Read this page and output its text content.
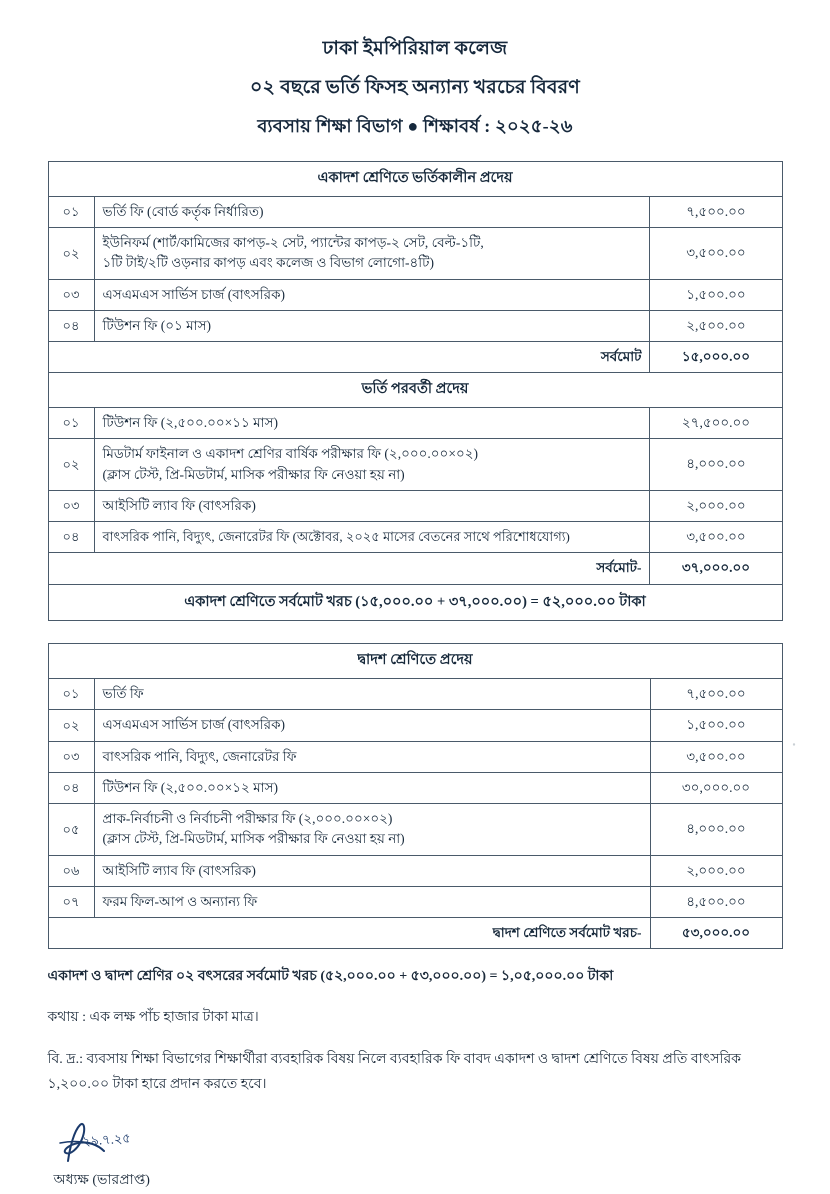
ঢাকা ইমপিরিয়াল কলেজ
০২ বছরে ভর্তি ফিসহ অন্যান্য খরচের বিবরণ
ব্যবসায় শিক্ষা বিভাগ ● শিক্ষাবর্ষ : ২০২৫-২৬
একাদশ শ্রেণিতে ভর্তিকালীন প্রদেয়		
০১	ভর্তি ফি (বোর্ড কর্তৃক নির্ধারিত)	৭,৫০০.০০
০২	ইউনিফর্ম (শার্ট/কামিজের কাপড়-২ সেট, প্যান্টের কাপড়-২ সেট, বেল্ট-১টি,
১টি টাই/২টি ওড়নার কাপড় এবং কলেজ ও বিভাগ লোগো-৪টি)	৩,৫০০.০০
০৩	এসএমএস সার্ভিস চার্জ (বাৎসরিক)	১,৫০০.০০
০৪	টিউশন ফি (০১ মাস)	২,৫০০.০০
সর্বমোট		১৫,০০০.০০
ভর্তি পরবর্তী প্রদেয়		
০১	টিউশন ফি (২,৫০০.০০×১১ মাস)	২৭,৫০০.০০
০২	মিডটার্ম ফাইনাল ও একাদশ শ্রেণির বার্ষিক পরীক্ষার ফি (২,০০০.০০×০২)
(ক্লাস টেস্ট, প্রি-মিডটার্ম, মাসিক পরীক্ষার ফি নেওয়া হয় না)	৪,০০০.০০
০৩	আইসিটি ল্যাব ফি (বাৎসরিক)	২,০০০.০০
০৪	বাৎসরিক পানি, বিদ্যুৎ, জেনারেটর ফি (অক্টোবর, ২০২৫ মাসের বেতনের সাথে পরিশোধযোগ্য)	৩,৫০০.০০
সর্বমোট-		৩৭,০০০.০০
একাদশ শ্রেণিতে সর্বমোট খরচ (১৫,০০০.০০ + ৩৭,০০০.০০) = ৫২,০০০.০০ টাকা		
দ্বাদশ শ্রেণিতে প্রদেয়		
০১	ভর্তি ফি	৭,৫০০.০০
০২	এসএমএস সার্ভিস চার্জ (বাৎসরিক)	১,৫০০.০০
০৩	বাৎসরিক পানি, বিদ্যুৎ, জেনারেটর ফি	৩,৫০০.০০
০৪	টিউশন ফি (২,৫০০.০০×১২ মাস)	৩০,০০০.০০
০৫	প্রাক-নির্বাচনী ও নির্বাচনী পরীক্ষার ফি (২,০০০.০০×০২)
(ক্লাস টেস্ট, প্রি-মিডটার্ম, মাসিক পরীক্ষার ফি নেওয়া হয় না)	৪,০০০.০০
০৬	আইসিটি ল্যাব ফি (বাৎসরিক)	২,০০০.০০
০৭	ফরম ফিল-আপ ও অন্যান্য ফি	৪,৫০০.০০
দ্বাদশ শ্রেণিতে সর্বমোট খরচ-		৫৩,০০০.০০

একাদশ ও দ্বাদশ শ্রেণির ০২ বৎসরের সর্বমোট খরচ (৫২,০০০.০০ + ৫৩,০০০.০০) = ১,০৫,০০০.০০ টাকা

কথায় : এক লক্ষ পাঁচ হাজার টাকা মাত্র।

বি. দ্র.: ব্যবসায় শিক্ষা বিভাগের শিক্ষার্থীরা ব্যবহারিক বিষয় নিলে ব্যবহারিক ফি বাবদ একাদশ ও দ্বাদশ শ্রেণিতে বিষয় প্রতি বাৎসরিক ১,২০০.০০ টাকা হারে প্রদান করতে হবে।

২৯.৭.২৫
অধ্যক্ষ (ভারপ্রাপ্ত)
ꞏ
